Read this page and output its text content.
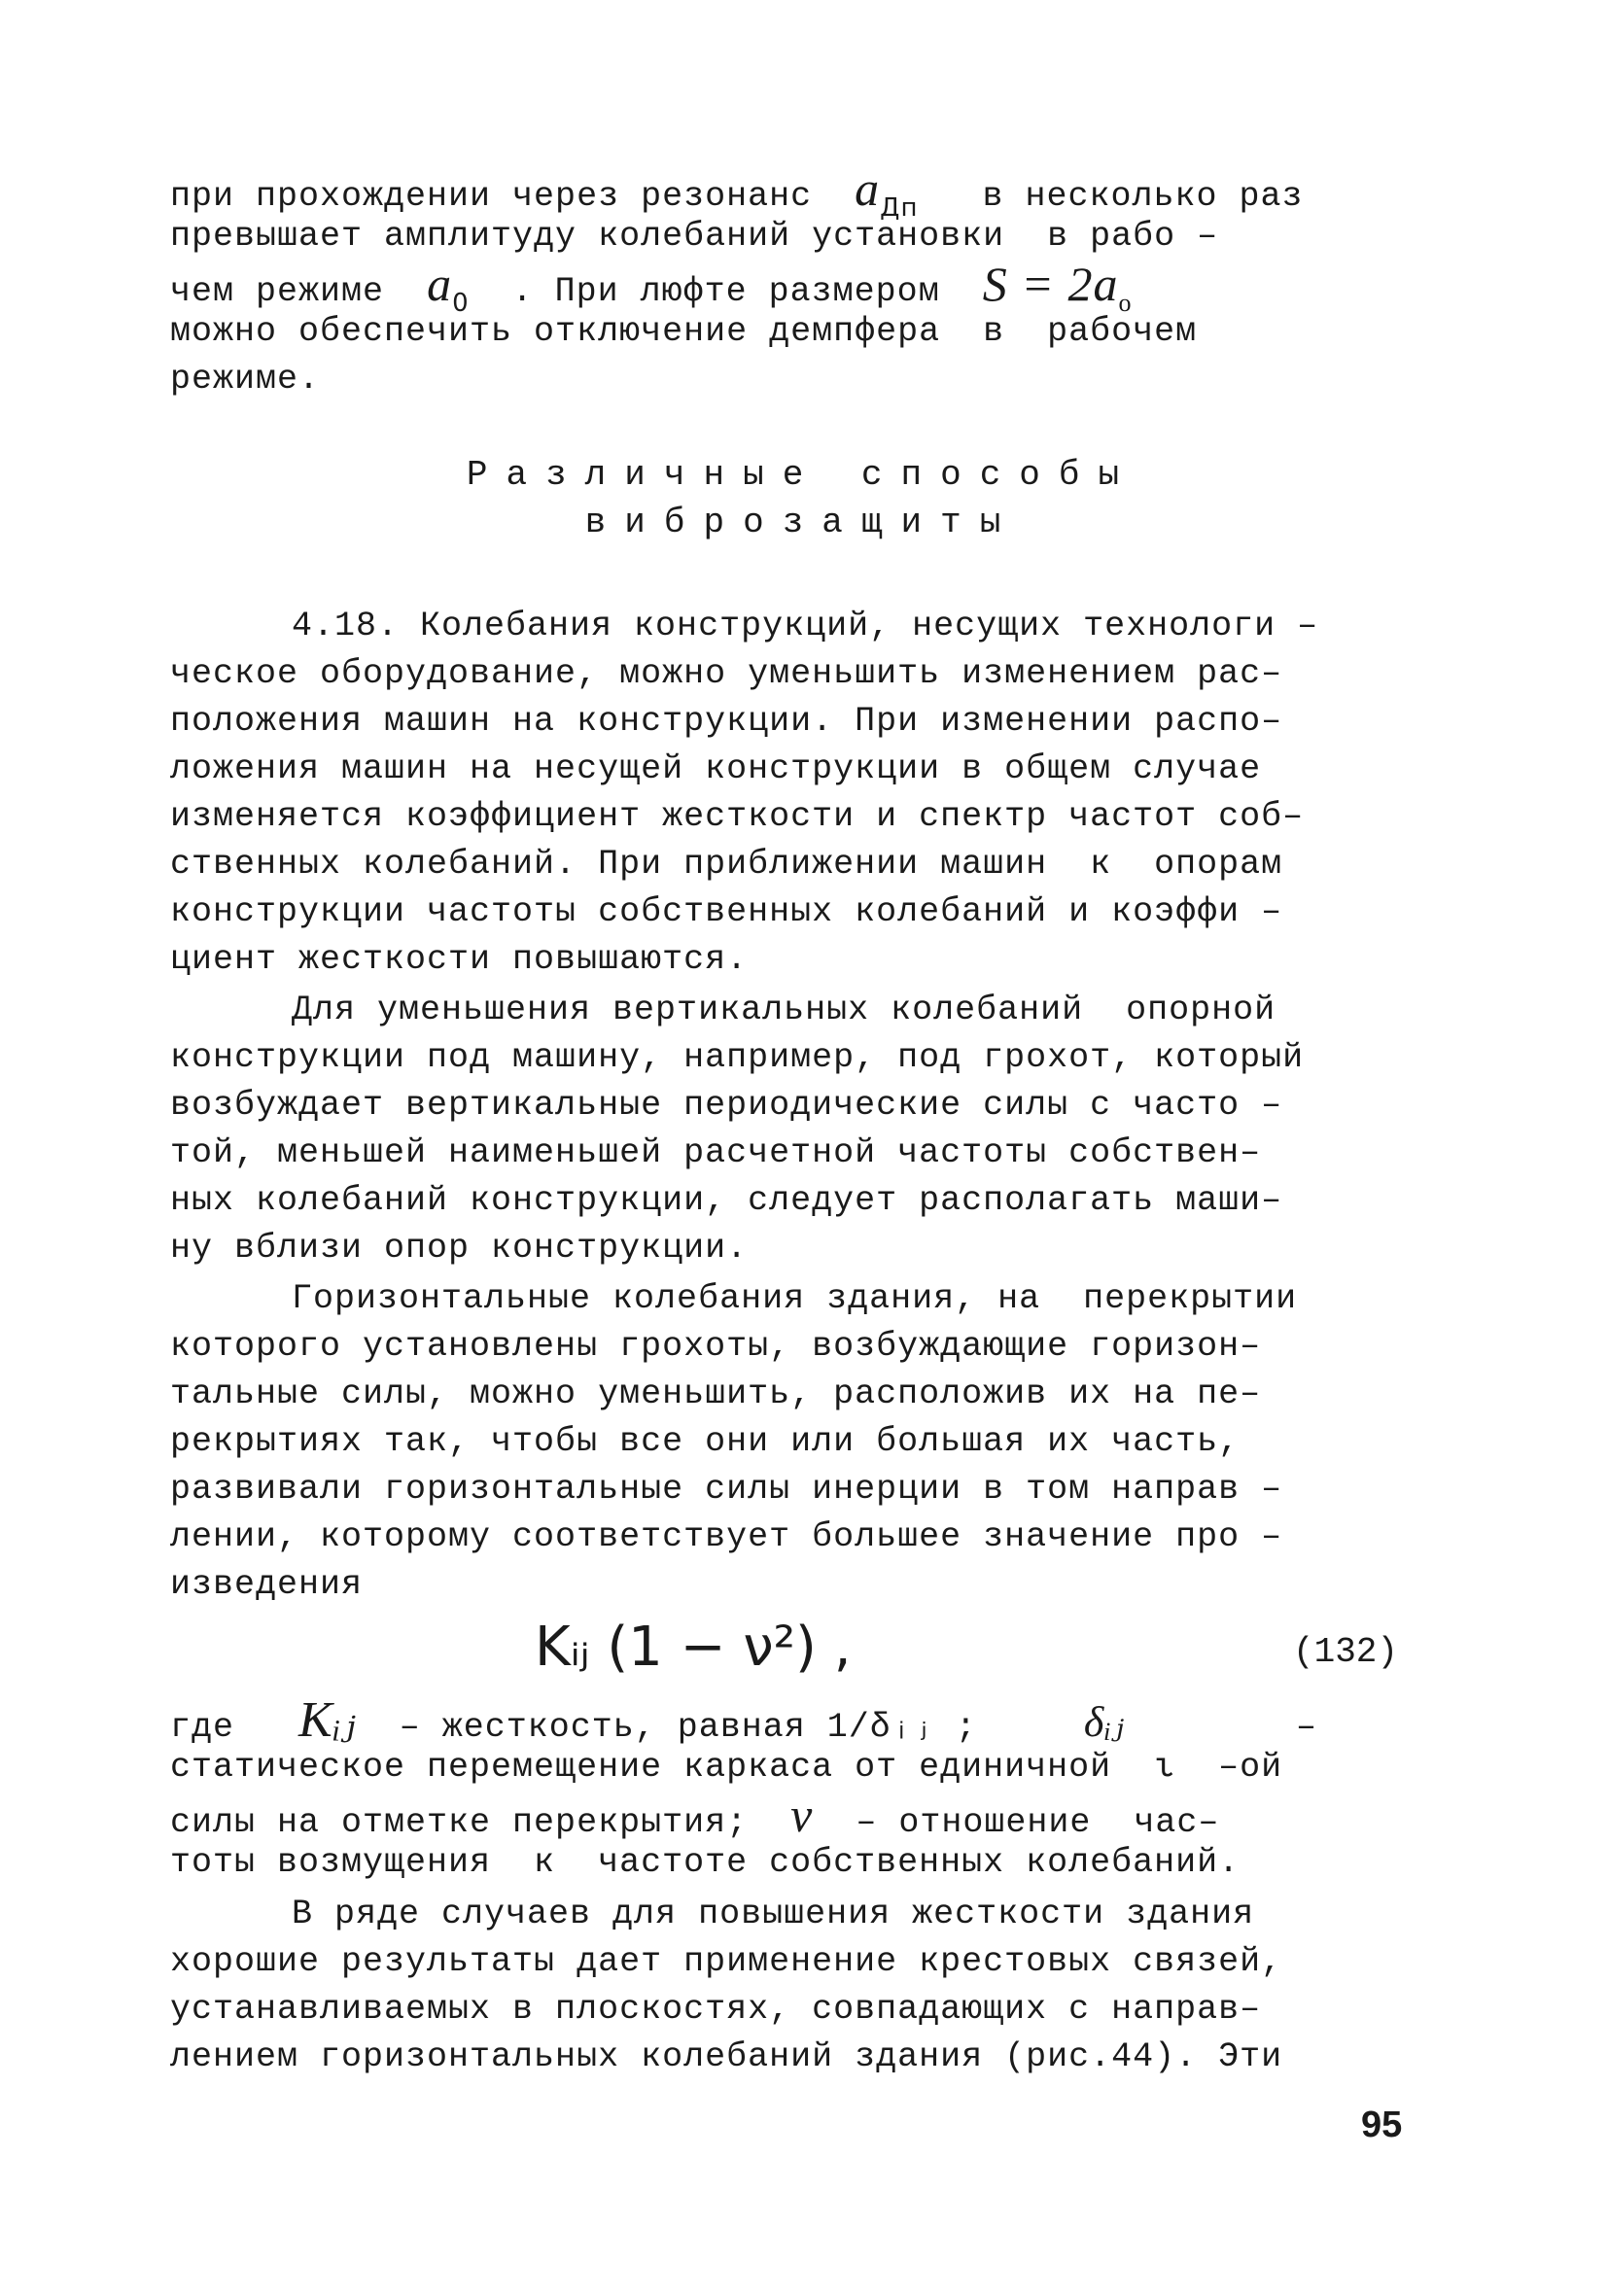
при прохождении через резонанс $a_{Дп}$ в несколько раз
превышает амплитуду колебаний установки  в рабо –
чем режиме $a_0$ . При люфте размером $S = 2a_o$
можно обеспечить отключение демпфера  в  рабочем
режиме.
Различные способы
виброзащиты
4.18. Колебания конструкций, несущих технологи –
ческое оборудование, можно уменьшить изменением рас–
положения машин на конструкции. При изменении распо–
ложения машин на несущей конструкции в общем случае
изменяется коэффициент жесткости и спектр частот соб–
ственных колебаний. При приближении машин  к  опорам
конструкции частоты собственных колебаний и коэффи –
циент жесткости повышаются.
Для уменьшения вертикальных колебаний  опорной
конструкции под машину, например, под грохот, который
возбуждает вертикальные периодические силы с часто –
той, меньшей наименьшей расчетной частоты собствен–
ных колебаний конструкции, следует располагать маши–
ну вблизи опор конструкции.
Горизонтальные колебания здания, на  перекрытии
которого установлены грохоты, возбуждающие горизон–
тальные силы, можно уменьшить, расположив их на пе–
рекрытиях так, чтобы все они или большая их часть,
развивали горизонтальные силы инерции в том направ –
лении, которому соответствует большее значение про –
изведения
Kᵢⱼ (1 − ν²) ,	(132)
где Kᵢⱼ – жесткость, равная 1/δᵢⱼ ;	δᵢⱼ	–
статическое перемещение каркаса от единичной  ι  –ой
силы на отметке перекрытия; ν – отношение  час–
тоты возмущения  к  частоте собственных колебаний.
В ряде случаев для повышения жесткости здания
хорошие результаты дает применение крестовых связей,
устанавливаемых в плоскостях, совпадающих с направ–
лением горизонтальных колебаний здания (рис.44). Эти
95
